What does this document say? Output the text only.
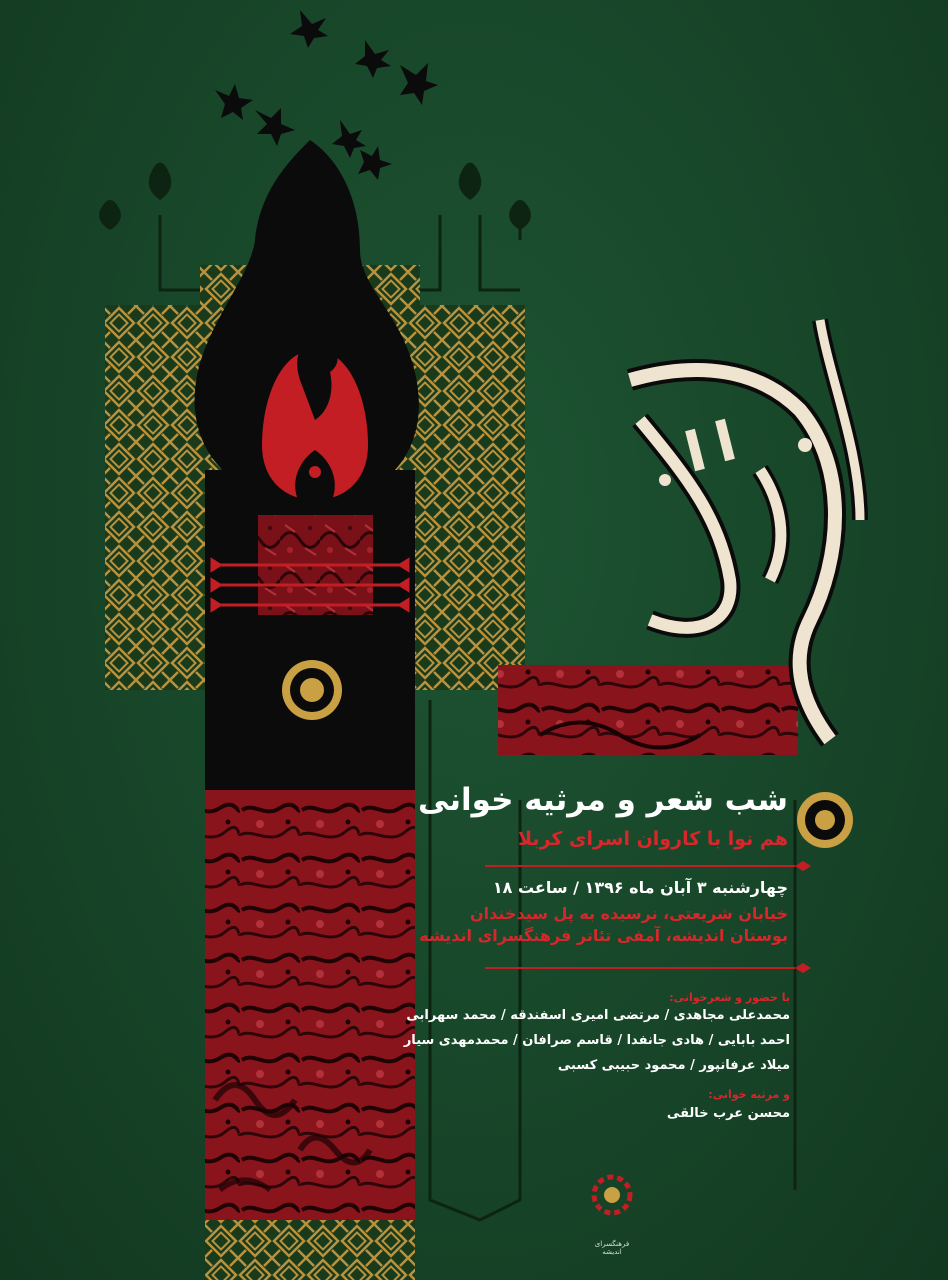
شب شعر و مرثیه خوانی
هم نوا با کاروان اسرای کربلا
چهارشنبه ۳ آبان ماه ۱۳۹۶ / ساعت ۱۸
خیابان شریعتی، نرسیده به پل سیدخندان
بوستان اندیشه، آمفی تئاتر فرهنگسرای اندیشه
با حضور و شعرخوانی:
محمدعلی مجاهدی / مرتضی امیری اسفندقه / محمد سهرابی
احمد بابایی / هادی جانفدا / قاسم صرافان / محمدمهدی سیار
میلاد عرفانپور / محمود حبیبی کسبی
و مرثیه خوانی:
محسن عرب خالقی
فرهنگسرای اندیشه
